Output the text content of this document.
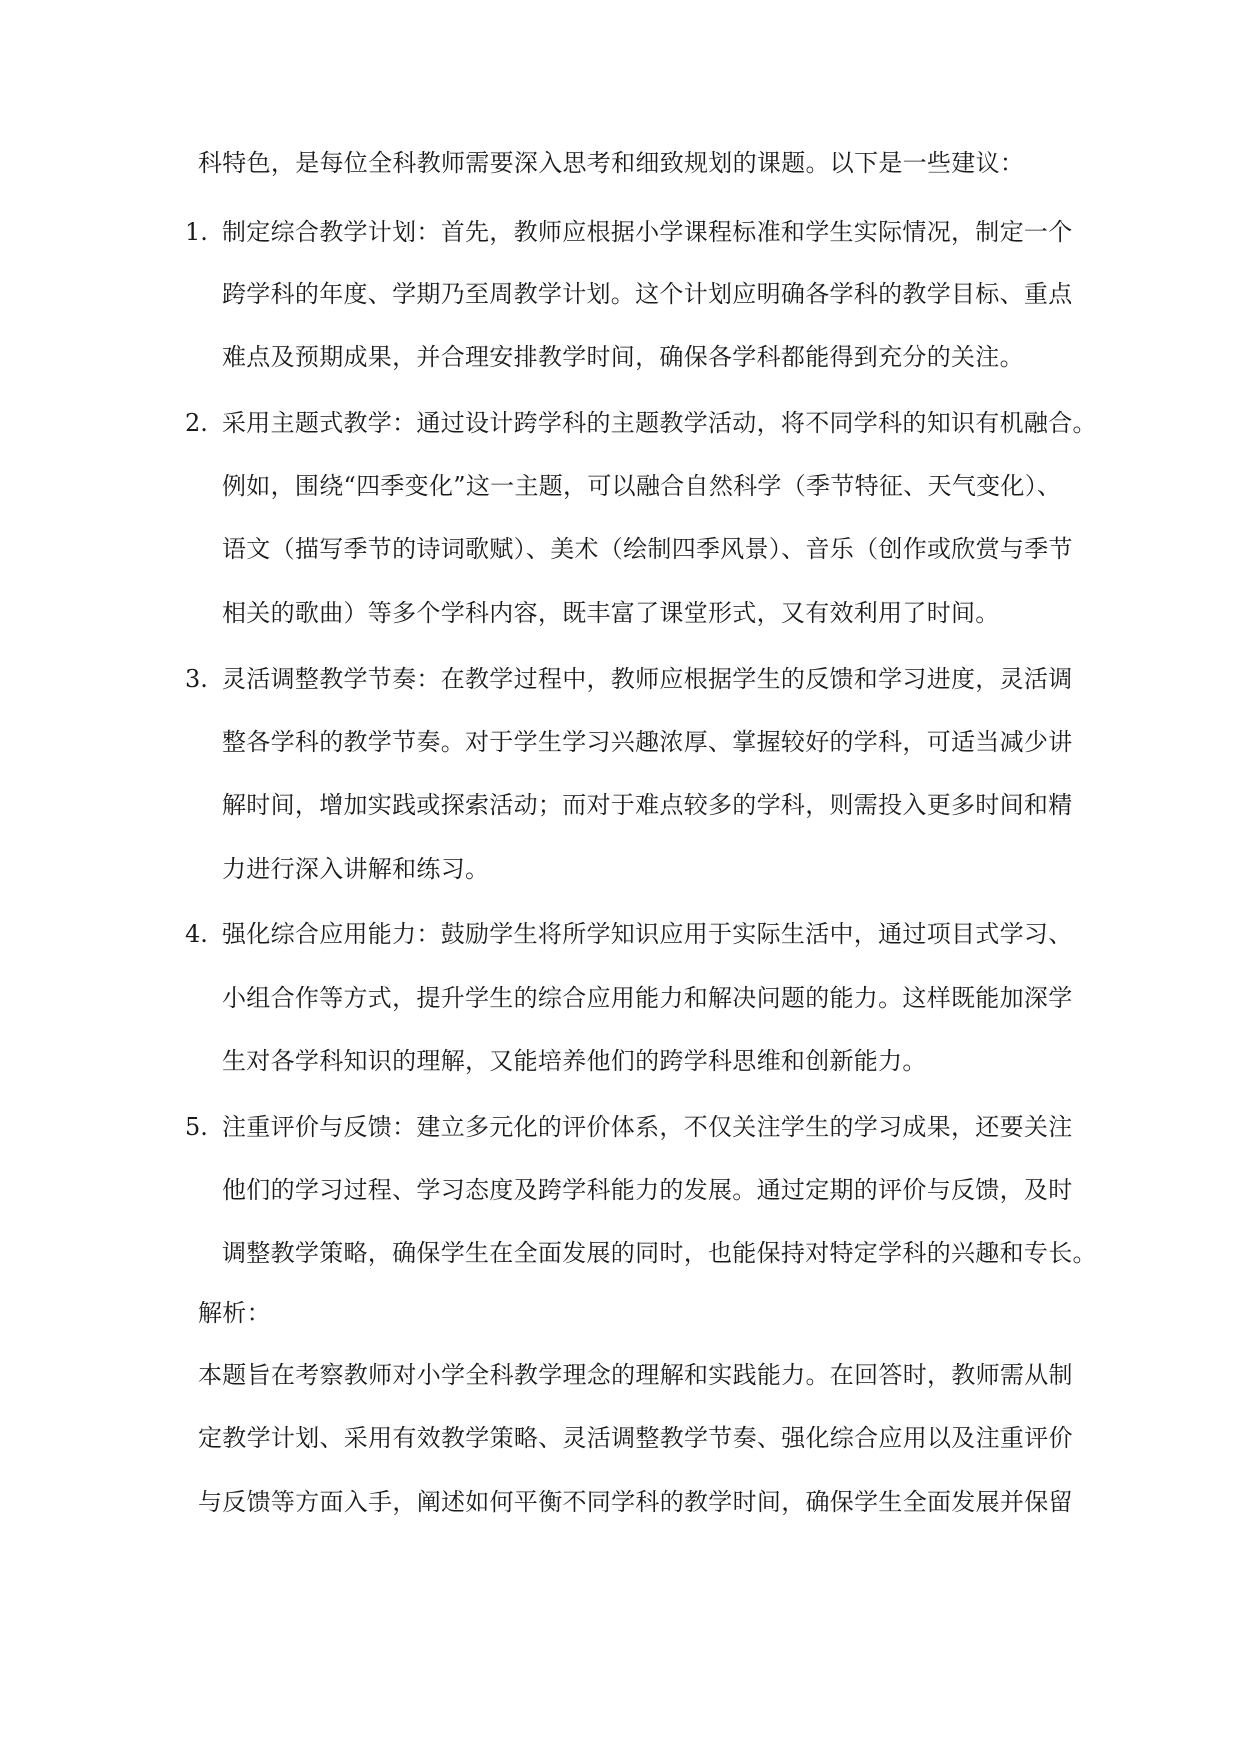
科特色，是每位全科教师需要深入思考和细致规划的课题。以下是一些建议：
1. 制定综合教学计划：首先，教师应根据小学课程标准和学生实际情况，制定一个
跨学科的年度、学期乃至周教学计划。这个计划应明确各学科的教学目标、重点
难点及预期成果，并合理安排教学时间，确保各学科都能得到充分的关注。
2. 采用主题式教学：通过设计跨学科的主题教学活动，将不同学科的知识有机融合。
例如，围绕“四季变化”这一主题，可以融合自然科学（季节特征、天气变化）、
语文（描写季节的诗词歌赋）、美术（绘制四季风景）、音乐（创作或欣赏与季节
相关的歌曲）等多个学科内容，既丰富了课堂形式，又有效利用了时间。
3. 灵活调整教学节奏：在教学过程中，教师应根据学生的反馈和学习进度，灵活调
整各学科的教学节奏。对于学生学习兴趣浓厚、掌握较好的学科，可适当减少讲
解时间，增加实践或探索活动；而对于难点较多的学科，则需投入更多时间和精
力进行深入讲解和练习。
4. 强化综合应用能力：鼓励学生将所学知识应用于实际生活中，通过项目式学习、
小组合作等方式，提升学生的综合应用能力和解决问题的能力。这样既能加深学
生对各学科知识的理解，又能培养他们的跨学科思维和创新能力。
5. 注重评价与反馈：建立多元化的评价体系，不仅关注学生的学习成果，还要关注
他们的学习过程、学习态度及跨学科能力的发展。通过定期的评价与反馈，及时
调整教学策略，确保学生在全面发展的同时，也能保持对特定学科的兴趣和专长。
解析：
本题旨在考察教师对小学全科教学理念的理解和实践能力。在回答时，教师需从制
定教学计划、采用有效教学策略、灵活调整教学节奏、强化综合应用以及注重评价
与反馈等方面入手，阐述如何平衡不同学科的教学时间，确保学生全面发展并保留
